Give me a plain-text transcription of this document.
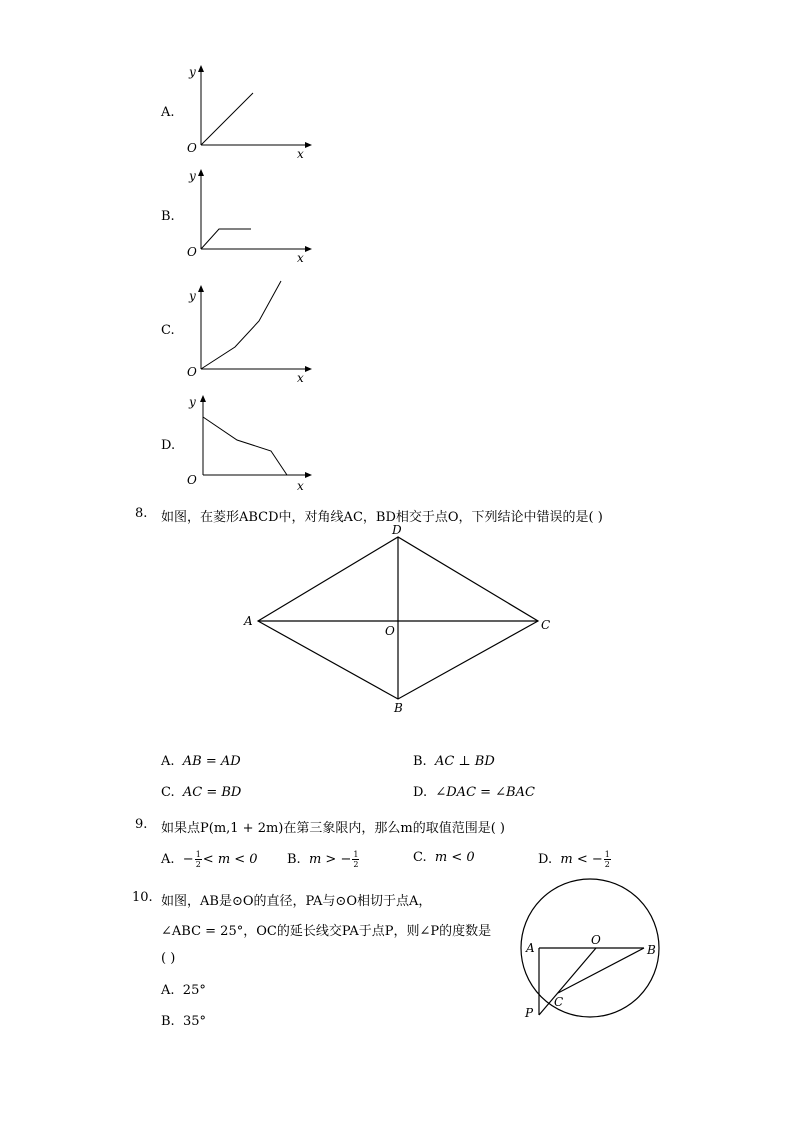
A.
y
x
O
B.
y
x
O
C.
y
x
O
D.
y
x
O
8. 如图，在菱形ABCD中，对角线AC，BD相交于点O，下列结论中错误的是( )
D
A	C
B
O
A. AB = AD	B. AC ⊥ BD
C. AC = BD	D. ∠DAC = ∠BAC
9. 如果点P(m,1 + 2m)在第三象限内，那么m的取值范围是( )
A. − $\frac{1}{2} < m < 0$ B. m > − $\frac{1}{2}$	C. m < 0	D. m < − $\frac{1}{2}$
10. 如图，AB是⊙O的直径，PA与⊙O相切于点A，
∠ABC = 25°，OC的延长线交PA于点P，则∠P的度数是
( )
A. 25°
B. 35°
A
O
B
C
P
